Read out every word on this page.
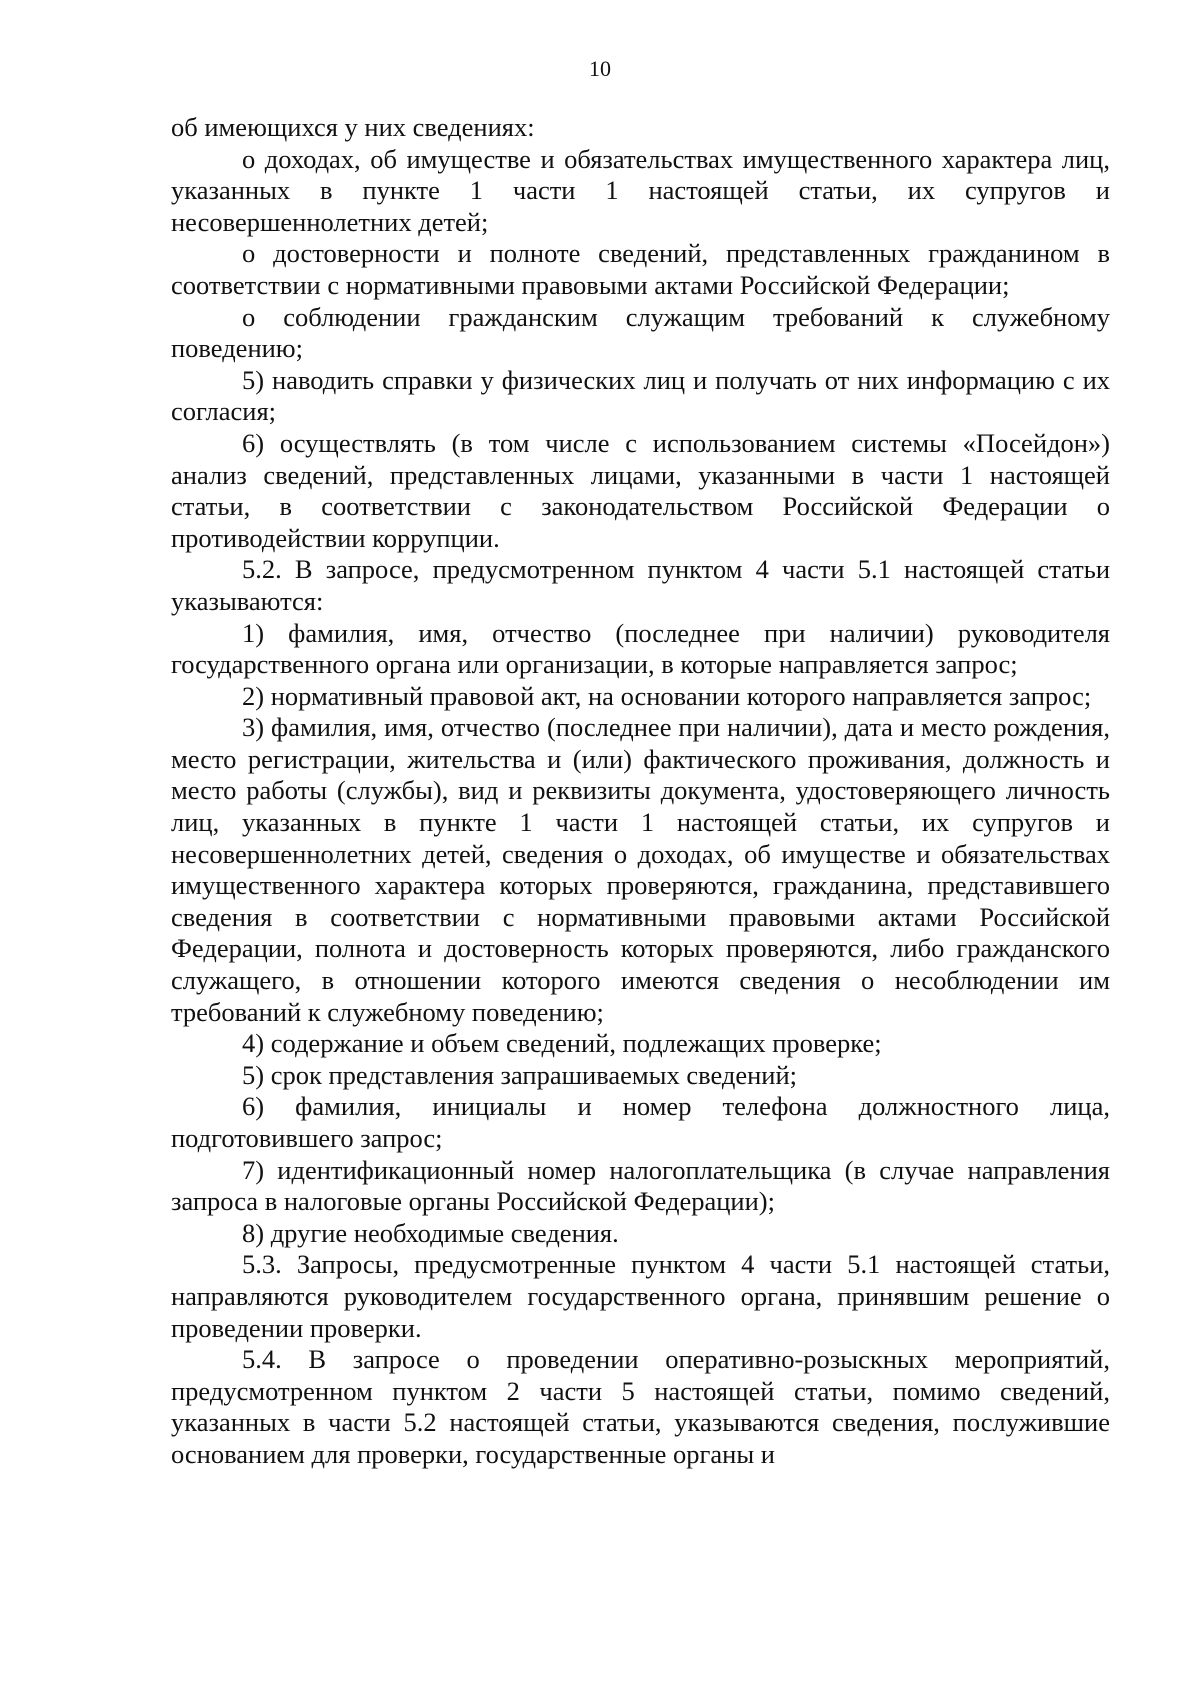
10

об имеющихся у них сведениях:

о доходах, об имуществе и обязательствах имущественного характера лиц, указанных в пункте 1 части 1 настоящей статьи, их супругов и несовершеннолетних детей;

о достоверности и полноте сведений, представленных гражданином в соответствии с нормативными правовыми актами Российской Федерации;

о соблюдении гражданским служащим требований к служебному поведению;

5) наводить справки у физических лиц и получать от них информацию с их согласия;

6) осуществлять (в том числе с использованием системы «Посейдон») анализ сведений, представленных лицами, указанными в части 1 настоящей статьи, в соответствии с законодательством Российской Федерации о противодействии коррупции.

5.2. В запросе, предусмотренном пунктом 4 части 5.1 настоящей статьи указываются:

1) фамилия, имя, отчество (последнее при наличии) руководителя государственного органа или организации, в которые направляется запрос;

2) нормативный правовой акт, на основании которого направляется запрос;

3) фамилия, имя, отчество (последнее при наличии), дата и место рождения, место регистрации, жительства и (или) фактического проживания, должность и место работы (службы), вид и реквизиты документа, удостоверяющего личность лиц, указанных в пункте 1 части 1 настоящей статьи, их супругов и несовершеннолетних детей, сведения о доходах, об имуществе и обязательствах имущественного характера которых проверяются, гражданина, представившего сведения в соответствии с нормативными правовыми актами Российской Федерации, полнота и достоверность которых проверяются, либо гражданского служащего, в отношении которого имеются сведения о несоблюдении им требований к служебному поведению;

4) содержание и объем сведений, подлежащих проверке;

5) срок представления запрашиваемых сведений;

6) фамилия, инициалы и номер телефона должностного лица, подготовившего запрос;

7) идентификационный номер налогоплательщика (в случае направления запроса в налоговые органы Российской Федерации);

8) другие необходимые сведения.

5.3. Запросы, предусмотренные пунктом 4 части 5.1 настоящей статьи, направляются руководителем государственного органа, принявшим решение о проведении проверки.

5.4. В запросе о проведении оперативно-розыскных мероприятий, предусмотренном пунктом 2 части 5 настоящей статьи, помимо сведений, указанных в части 5.2 настоящей статьи, указываются сведения, послужившие основанием для проверки, государственные органы и
